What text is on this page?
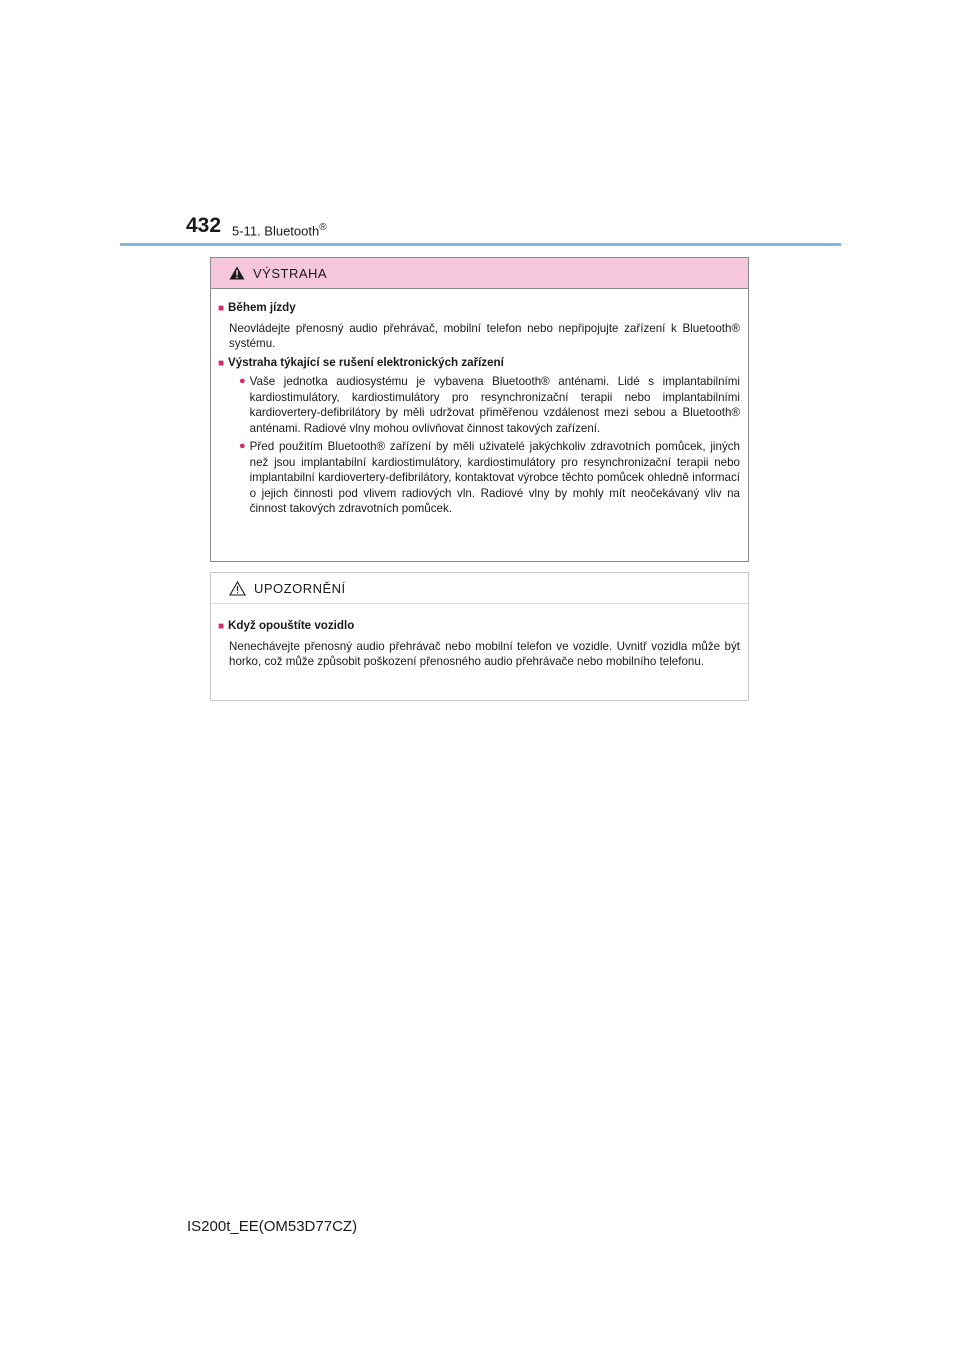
432 5-11. Bluetooth®
VÝSTRAHA
■ Během jízdy
Neovládejte přenosný audio přehrávač, mobilní telefon nebo nepřipojujte zařízení k Bluetooth® systému.
■ Výstraha týkající se rušení elektronických zařízení
● Vaše jednotka audiosystému je vybavena Bluetooth® anténami. Lidé s implantabilními kardiostimulátory, kardiostimulátory pro resynchronizační terapii nebo implantabilními kardiovertery-defibrilátory by měli udržovat přiměřenou vzdálenost mezi sebou a Bluetooth® anténami. Radiové vlny mohou ovlivňovat činnost takových zařízení.
● Před použitím Bluetooth® zařízení by měli uživatelé jakýchkoliv zdravotních pomůcek, jiných než jsou implantabilní kardiostimulátory, kardiostimulátory pro resynchronizační terapii nebo implantabilní kardiovertery-defibrilátory, kontaktovat výrobce těchto pomůcek ohledně informací o jejich činnosti pod vlivem radiových vln. Radiové vlny by mohly mít neočekávaný vliv na činnost takových zdravotních pomůcek.
UPOZORNĚNÍ
■ Když opouštíte vozidlo
Nenechávejte přenosný audio přehrávač nebo mobilní telefon ve vozidle. Uvnitř vozidla může být horko, což může způsobit poškození přenosného audio přehrávače nebo mobilního telefonu.
IS200t_EE(OM53D77CZ)
